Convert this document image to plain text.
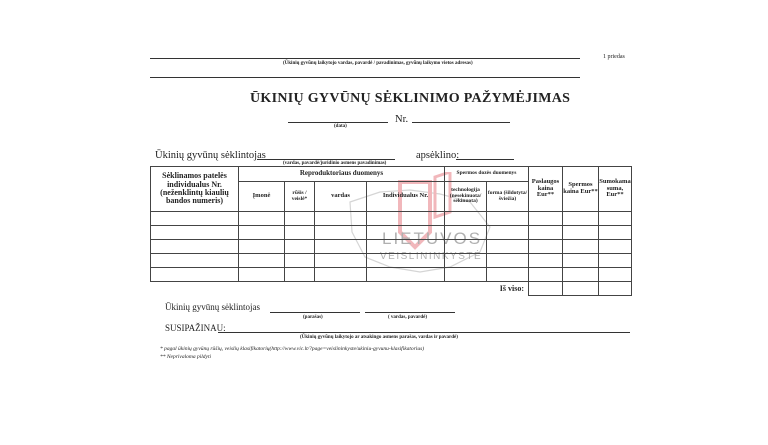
1 priedas
(Ūkinių gyvūnų laikytojo vardas, pavardė / pavadinimas, gyvūnų laikymo vietos adresas)
ŪKINIŲ GYVŪNŲ SĖKLINIMO PAŽYMĖJIMAS
(data)
Nr.
Ūkinių gyvūnų sėklintojas
(vardas, pavardė/juridinio asmens pavadinimas)
apsėklino:
LIETUVOS
VEISLININKYSTĖ
Sėklinamos patelės individualus Nr. (neženklintų kiaulių bandos numeris)	Reproduktoriaus duomenys				Spermos dozės duomenys		Paslaugos kaina Eur**	Spermos kaina Eur**	Sumokama suma, Eur**
	Įmonė	rūšis / veislė*	vardas	Individualus Nr.	technologija (nesekinuota/ sekinuota)	forma (šildotyta/ šviežia)			

						Iš viso:			
Ūkinių gyvūnų sėklintojas
(parašas)	( vardas, pavardė)
SUSIPAŽINAU:
(Ūkinių gyvūnų laikytojo ar atsakingo asmens parašas, vardas ir pavardė)
* pagal ūkinių gyvūnų rūšių, veislių klasifikatorių(http://www.vic.lt/?page=veislininkyste/ukiniu-gyvunu-klasifikatorius)
** Neprivaloma pildyti
